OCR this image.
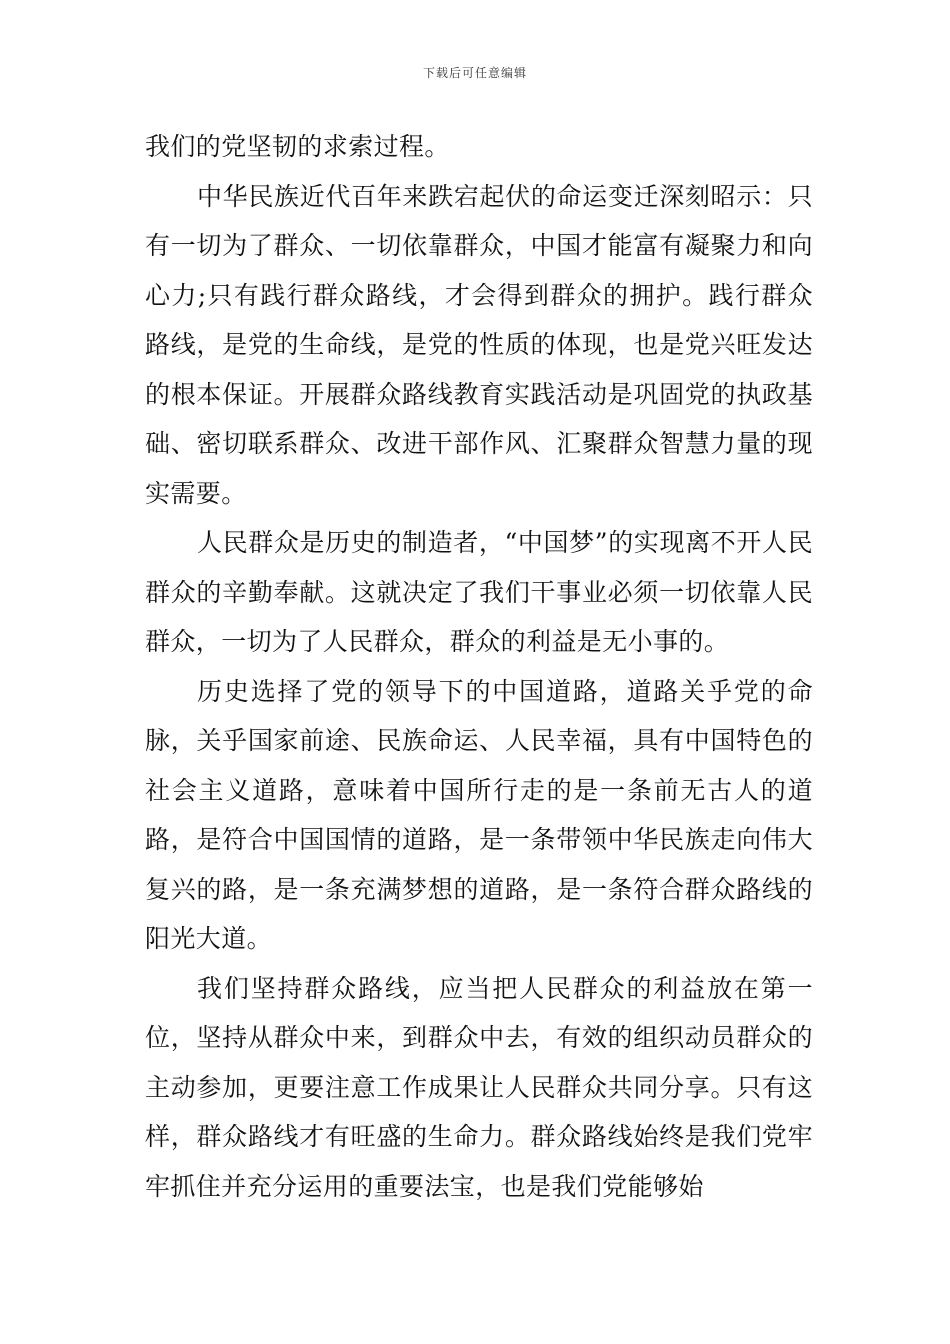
下载后可任意编辑

我们的党坚韧的求索过程。

中华民族近代百年来跌宕起伏的命运变迁深刻昭示：只有一切为了群众、一切依靠群众，中国才能富有凝聚力和向心力;只有践行群众路线，才会得到群众的拥护。践行群众路线，是党的生命线，是党的性质的体现，也是党兴旺发达的根本保证。开展群众路线教育实践活动是巩固党的执政基础、密切联系群众、改进干部作风、汇聚群众智慧力量的现实需要。

人民群众是历史的制造者，“中国梦”的实现离不开人民群众的辛勤奉献。这就决定了我们干事业必须一切依靠人民群众，一切为了人民群众，群众的利益是无小事的。

历史选择了党的领导下的中国道路，道路关乎党的命脉，关乎国家前途、民族命运、人民幸福，具有中国特色的社会主义道路，意味着中国所行走的是一条前无古人的道路，是符合中国国情的道路，是一条带领中华民族走向伟大复兴的路，是一条充满梦想的道路，是一条符合群众路线的阳光大道。

我们坚持群众路线，应当把人民群众的利益放在第一位，坚持从群众中来，到群众中去，有效的组织动员群众的主动参加，更要注意工作成果让人民群众共同分享。只有这样，群众路线才有旺盛的生命力。群众路线始终是我们党牢牢抓住并充分运用的重要法宝，也是我们党能够始
